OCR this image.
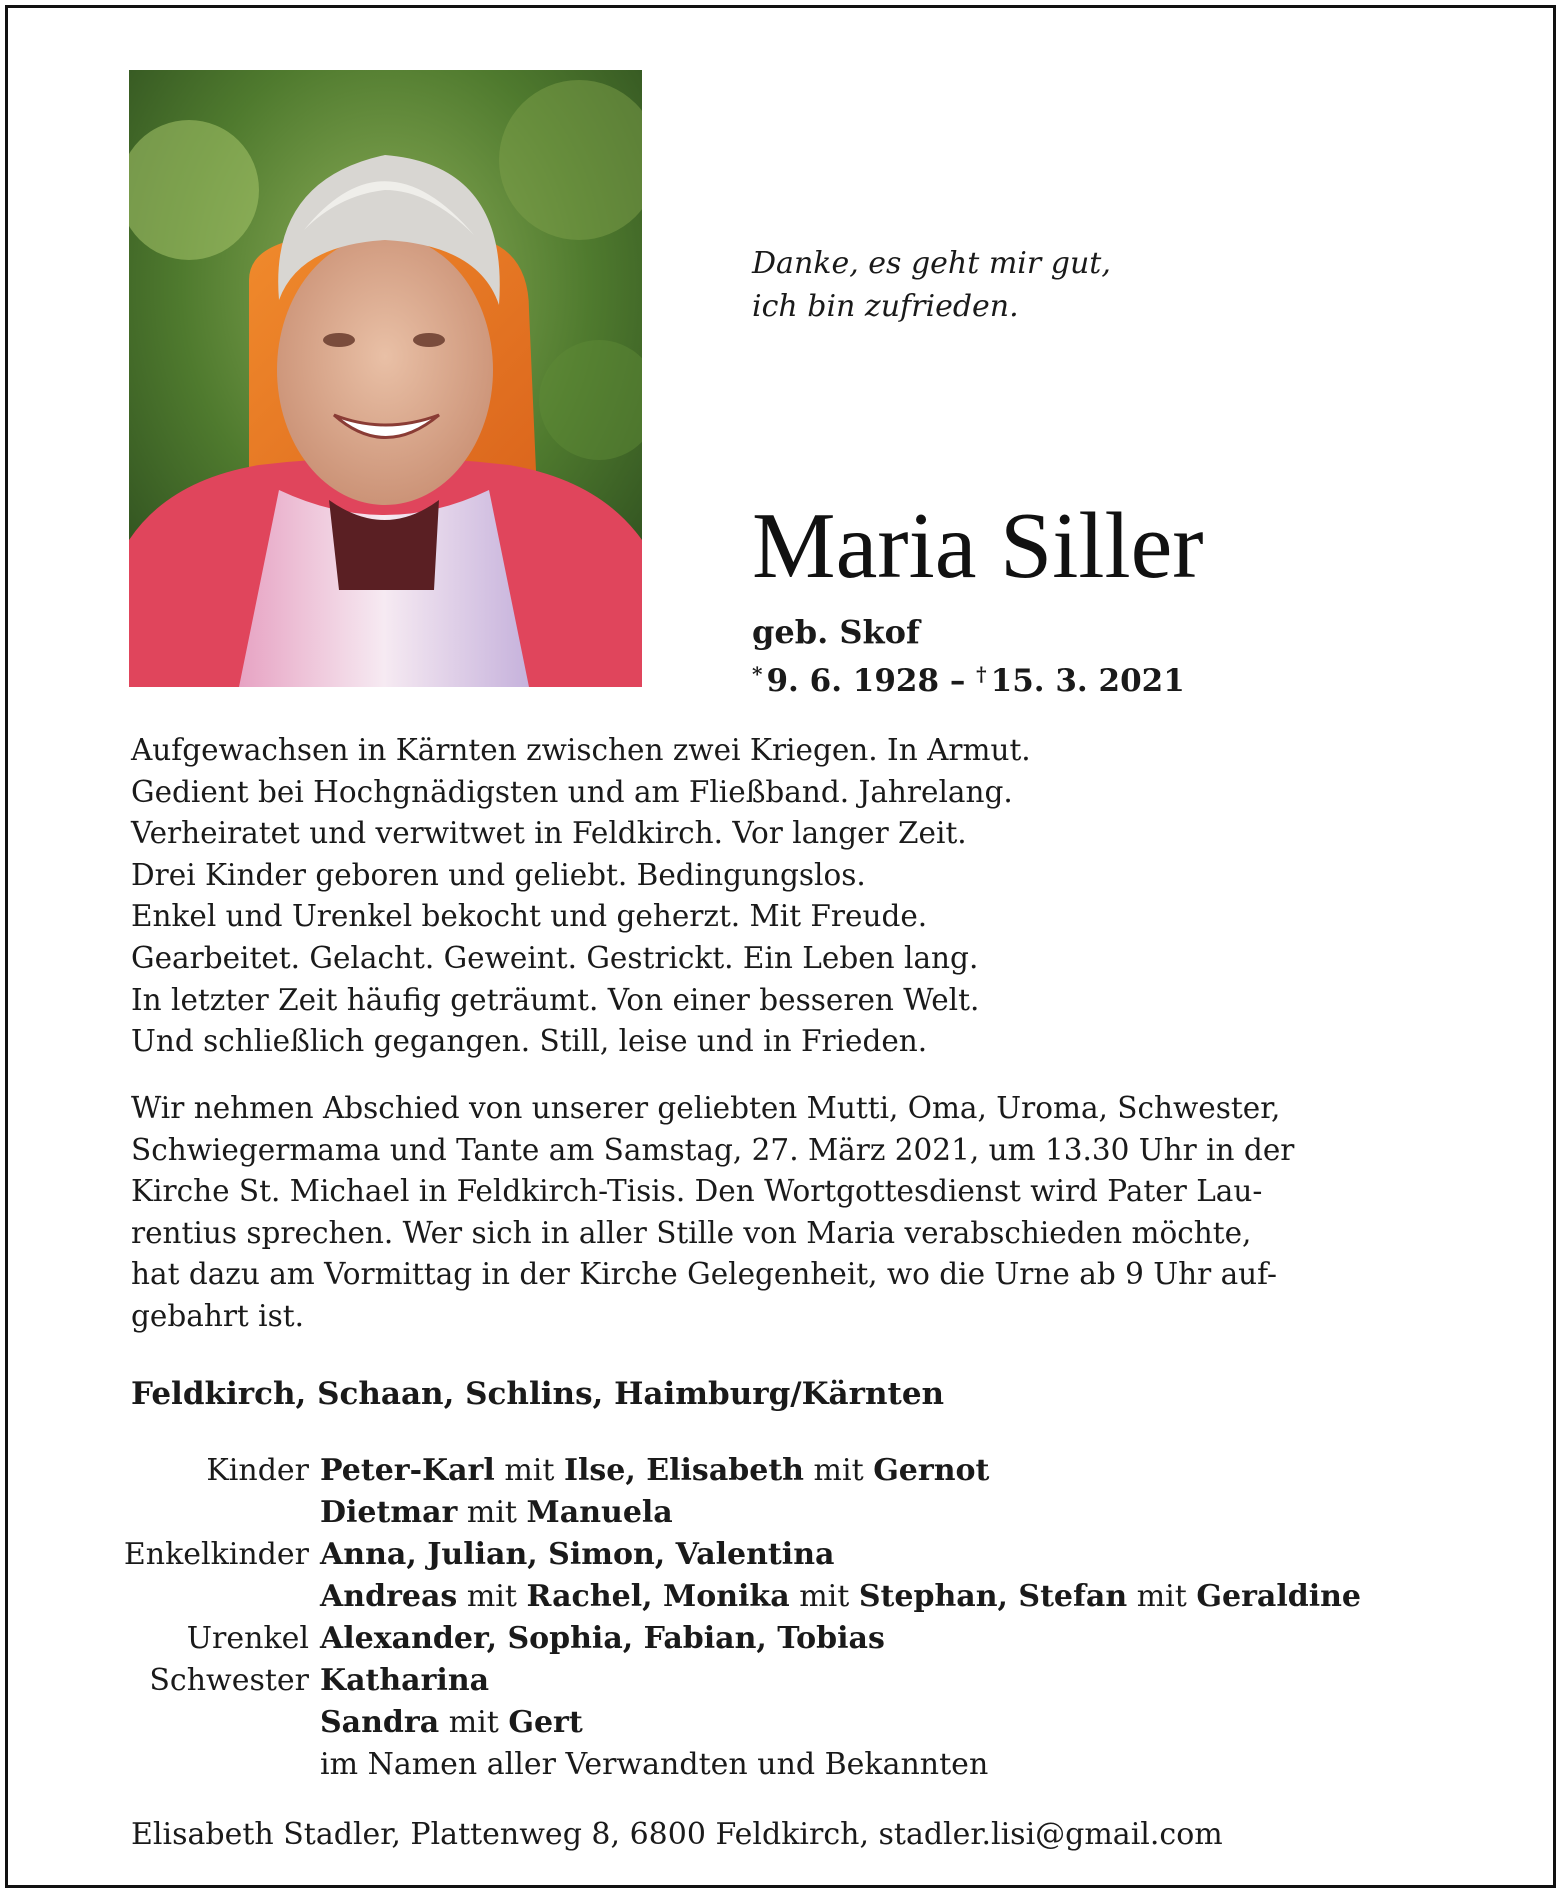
Danke, es geht mir gut,
ich bin zufrieden.
Maria Siller
geb. Skof
* 9. 6. 1928 – † 15. 3. 2021
Aufgewachsen in Kärnten zwischen zwei Kriegen. In Armut.
Gedient bei Hochgnädigsten und am Fließband. Jahrelang.
Verheiratet und verwitwet in Feldkirch. Vor langer Zeit.
Drei Kinder geboren und geliebt. Bedingungslos.
Enkel und Urenkel bekocht und geherzt. Mit Freude.
Gearbeitet. Gelacht. Geweint. Gestrickt. Ein Leben lang.
In letzter Zeit häufig geträumt. Von einer besseren Welt.
Und schließlich gegangen. Still, leise und in Frieden.
Wir nehmen Abschied von unserer geliebten Mutti, Oma, Uroma, Schwester,
Schwiegermama und Tante am Samstag, 27. März 2021, um 13.30 Uhr in der
Kirche St. Michael in Feldkirch-Tisis. Den Wortgottesdienst wird Pater Lau-
rentius sprechen. Wer sich in aller Stille von Maria verabschieden möchte,
hat dazu am Vormittag in der Kirche Gelegenheit, wo die Urne ab 9 Uhr auf-
gebahrt ist.
Feldkirch, Schaan, Schlins, Haimburg/Kärnten
Kinder Peter-Karl mit Ilse, Elisabeth mit Gernot
Dietmar mit Manuela
Enkelkinder Anna, Julian, Simon, Valentina
Andreas mit Rachel, Monika mit Stephan, Stefan mit Geraldine
Urenkel Alexander, Sophia, Fabian, Tobias
Schwester Katharina
Sandra mit Gert
im Namen aller Verwandten und Bekannten
Elisabeth Stadler, Plattenweg 8, 6800 Feldkirch, stadler.lisi@gmail.com
